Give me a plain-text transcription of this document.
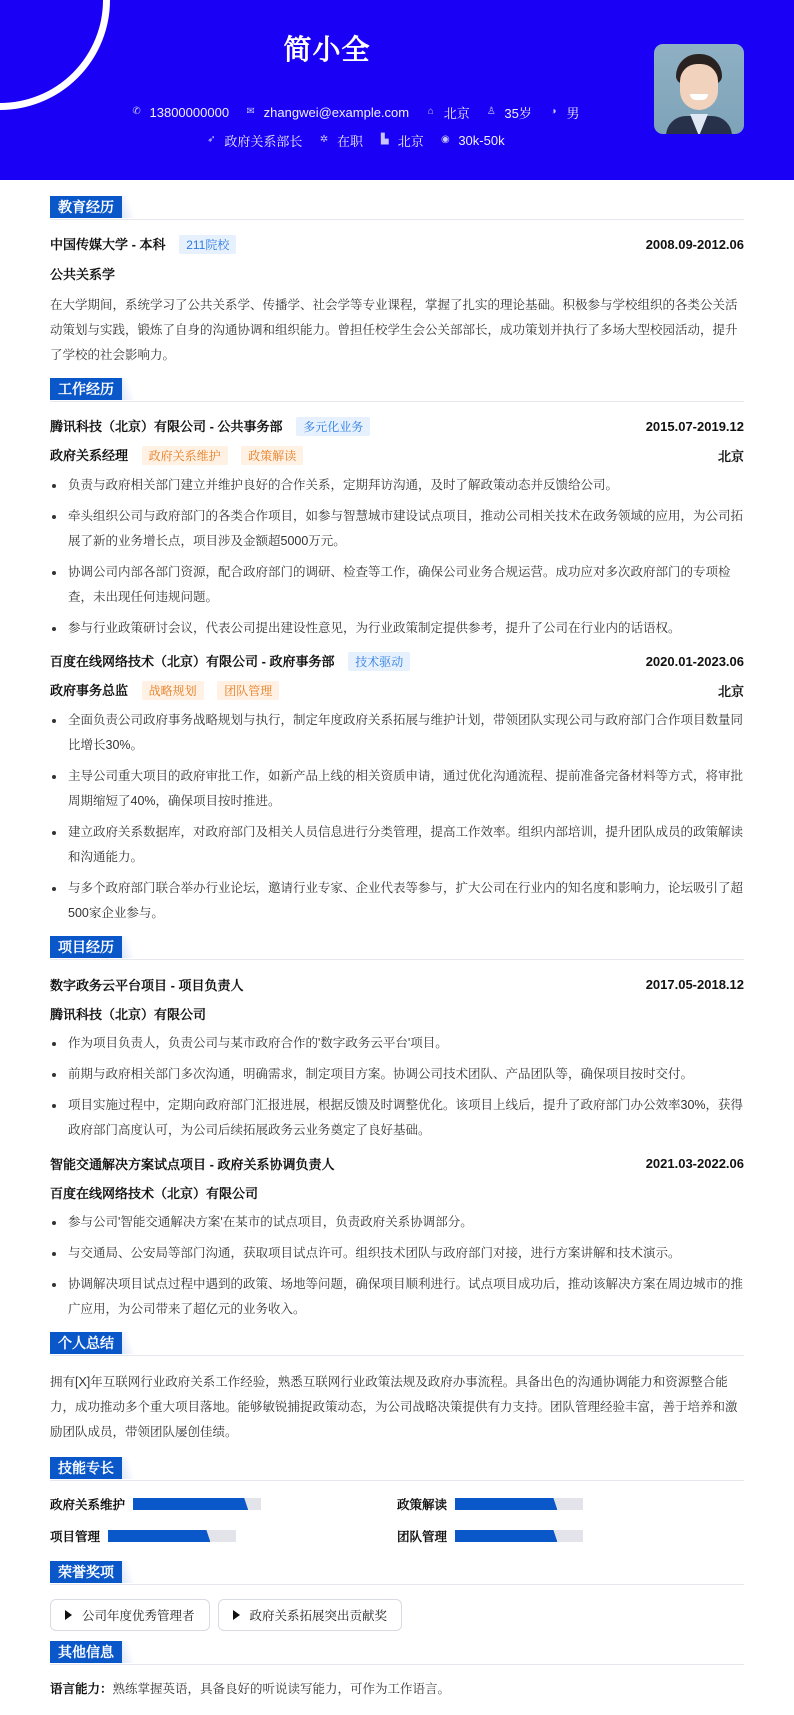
简小全
✆ 13800000000
✉ zhangwei@example.com
⌂ 北京
♙ 35岁
◑ 男
➶ 政府关系部长
✲ 在职
▙ 北京
◉ 30k-50k
教育经历
中国传媒大学 - 本科 211院校	2008.09-2012.06
公共关系学
在大学期间，系统学习了公共关系学、传播学、社会学等专业课程，掌握了扎实的理论基础。积极参与学校组织的各类公关活动策划与实践，锻炼了自身的沟通协调和组织能力。曾担任校学生会公关部部长，成功策划并执行了多场大型校园活动，提升了学校的社会影响力。
工作经历
腾讯科技（北京）有限公司 - 公共事务部 多元化业务	2015.07-2019.12
政府关系经理 政府关系维护 政策解读	北京
负责与政府相关部门建立并维护良好的合作关系，定期拜访沟通，及时了解政策动态并反馈给公司。
牵头组织公司与政府部门的各类合作项目，如参与智慧城市建设试点项目，推动公司相关技术在政务领域的应用，为公司拓展了新的业务增长点，项目涉及金额超5000万元。
协调公司内部各部门资源，配合政府部门的调研、检查等工作，确保公司业务合规运营。成功应对多次政府部门的专项检查，未出现任何违规问题。
参与行业政策研讨会议，代表公司提出建设性意见，为行业政策制定提供参考，提升了公司在行业内的话语权。
百度在线网络技术（北京）有限公司 - 政府事务部 技术驱动	2020.01-2023.06
政府事务总监 战略规划 团队管理	北京
全面负责公司政府事务战略规划与执行，制定年度政府关系拓展与维护计划，带领团队实现公司与政府部门合作项目数量同比增长30%。
主导公司重大项目的政府审批工作，如新产品上线的相关资质申请，通过优化沟通流程、提前准备完备材料等方式，将审批周期缩短了40%，确保项目按时推进。
建立政府关系数据库，对政府部门及相关人员信息进行分类管理，提高工作效率。组织内部培训，提升团队成员的政策解读和沟通能力。
与多个政府部门联合举办行业论坛，邀请行业专家、企业代表等参与，扩大公司在行业内的知名度和影响力，论坛吸引了超500家企业参与。
项目经历
数字政务云平台项目 - 项目负责人	2017.05-2018.12
腾讯科技（北京）有限公司
作为项目负责人，负责公司与某市政府合作的'数字政务云平台'项目。
前期与政府相关部门多次沟通，明确需求，制定项目方案。协调公司技术团队、产品团队等，确保项目按时交付。
项目实施过程中，定期向政府部门汇报进展，根据反馈及时调整优化。该项目上线后，提升了政府部门办公效率30%，获得政府部门高度认可，为公司后续拓展政务云业务奠定了良好基础。
智能交通解决方案试点项目 - 政府关系协调负责人	2021.03-2022.06
百度在线网络技术（北京）有限公司
参与公司'智能交通解决方案'在某市的试点项目，负责政府关系协调部分。
与交通局、公安局等部门沟通，获取项目试点许可。组织技术团队与政府部门对接，进行方案讲解和技术演示。
协调解决项目试点过程中遇到的政策、场地等问题，确保项目顺利进行。试点项目成功后，推动该解决方案在周边城市的推广应用，为公司带来了超亿元的业务收入。
个人总结
拥有[X]年互联网行业政府关系工作经验，熟悉互联网行业政策法规及政府办事流程。具备出色的沟通协调能力和资源整合能力，成功推动多个重大项目落地。能够敏锐捕捉政策动态，为公司战略决策提供有力支持。团队管理经验丰富，善于培养和激励团队成员，带领团队屡创佳绩。
技能专长
政府关系维护	政策解读
项目管理	团队管理
荣誉奖项
公司年度优秀管理者	政府关系拓展突出贡献奖
其他信息
语言能力：熟练掌握英语，具备良好的听说读写能力，可作为工作语言。
